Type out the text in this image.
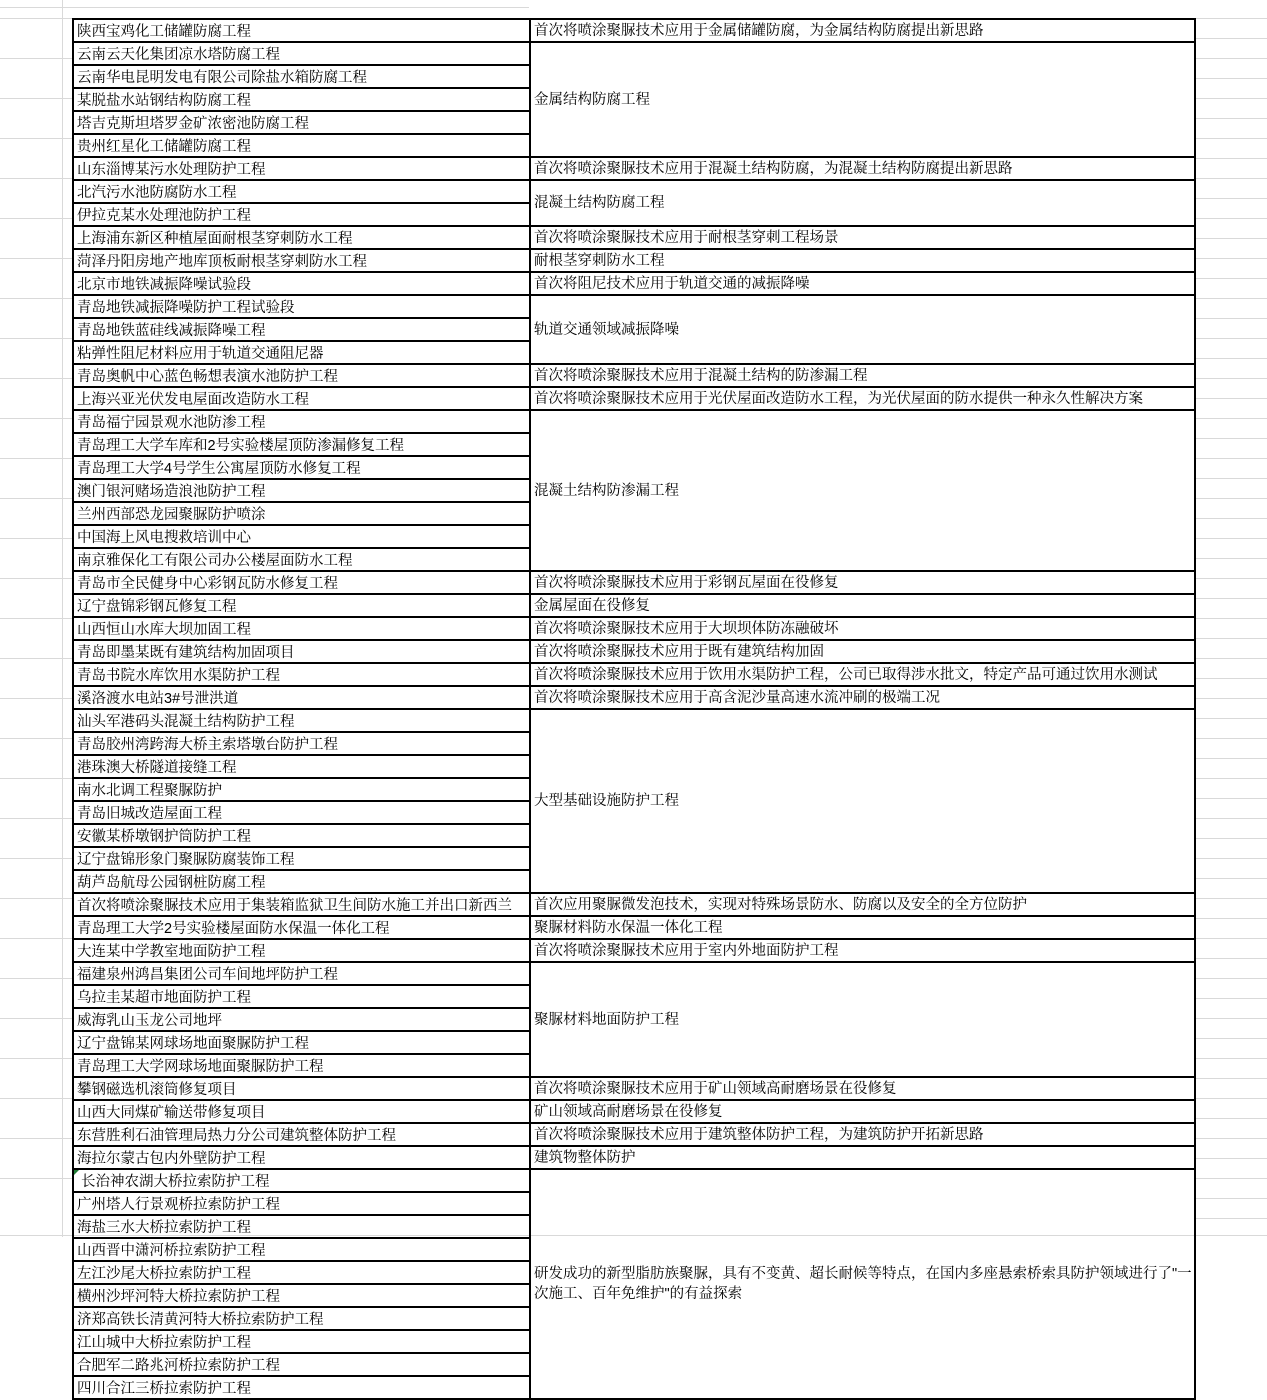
陕西宝鸡化工储罐防腐工程	首次将喷涂聚脲技术应用于金属储罐防腐，为金属结构防腐提出新思路
云南云天化集团凉水塔防腐工程	金属结构防腐工程
云南华电昆明发电有限公司除盐水箱防腐工程	
某脱盐水站钢结构防腐工程	
塔吉克斯坦塔罗金矿浓密池防腐工程	
贵州红星化工储罐防腐工程	
山东淄博某污水处理防护工程	首次将喷涂聚脲技术应用于混凝土结构防腐，为混凝土结构防腐提出新思路
北汽污水池防腐防水工程	混凝土结构防腐工程
伊拉克某水处理池防护工程	
上海浦东新区种植屋面耐根茎穿刺防水工程	首次将喷涂聚脲技术应用于耐根茎穿刺工程场景
菏泽丹阳房地产地库顶板耐根茎穿刺防水工程	耐根茎穿刺防水工程
北京市地铁减振降噪试验段	首次将阻尼技术应用于轨道交通的减振降噪
青岛地铁减振降噪防护工程试验段	轨道交通领域减振降噪
青岛地铁蓝硅线减振降噪工程	
粘弹性阻尼材料应用于轨道交通阻尼器	
青岛奥帆中心蓝色畅想表演水池防护工程	首次将喷涂聚脲技术应用于混凝土结构的防渗漏工程
上海兴亚光伏发电屋面改造防水工程	首次将喷涂聚脲技术应用于光伏屋面改造防水工程，为光伏屋面的防水提供一种永久性解决方案
青岛福宁园景观水池防渗工程	混凝土结构防渗漏工程
青岛理工大学车库和2号实验楼屋顶防渗漏修复工程	
青岛理工大学4号学生公寓屋顶防水修复工程	
澳门银河赌场造浪池防护工程	
兰州西部恐龙园聚脲防护喷涂	
中国海上风电搜救培训中心	
南京雅保化工有限公司办公楼屋面防水工程	
青岛市全民健身中心彩钢瓦防水修复工程	首次将喷涂聚脲技术应用于彩钢瓦屋面在役修复
辽宁盘锦彩钢瓦修复工程	金属屋面在役修复
山西恒山水库大坝加固工程	首次将喷涂聚脲技术应用于大坝坝体防冻融破坏
青岛即墨某既有建筑结构加固项目	首次将喷涂聚脲技术应用于既有建筑结构加固
青岛书院水库饮用水渠防护工程	首次将喷涂聚脲技术应用于饮用水渠防护工程，公司已取得涉水批文，特定产品可通过饮用水测试
溪洛渡水电站3#号泄洪道	首次将喷涂聚脲技术应用于高含泥沙量高速水流冲刷的极端工况
汕头军港码头混凝土结构防护工程	大型基础设施防护工程
青岛胶州湾跨海大桥主索塔墩台防护工程	
港珠澳大桥隧道接缝工程	
南水北调工程聚脲防护	
青岛旧城改造屋面工程	
安徽某桥墩钢护筒防护工程	
辽宁盘锦形象门聚脲防腐装饰工程	
葫芦岛航母公园钢桩防腐工程	
首次将喷涂聚脲技术应用于集装箱监狱卫生间防水施工并出口新西兰	首次应用聚脲微发泡技术，实现对特殊场景防水、防腐以及安全的全方位防护
青岛理工大学2号实验楼屋面防水保温一体化工程	聚脲材料防水保温一体化工程
大连某中学教室地面防护工程	首次将喷涂聚脲技术应用于室内外地面防护工程
福建泉州鸿昌集团公司车间地坪防护工程	聚脲材料地面防护工程
乌拉圭某超市地面防护工程	
威海乳山玉龙公司地坪	
辽宁盘锦某网球场地面聚脲防护工程	
青岛理工大学网球场地面聚脲防护工程	
攀钢磁选机滚筒修复项目	首次将喷涂聚脲技术应用于矿山领域高耐磨场景在役修复
山西大同煤矿输送带修复项目	矿山领域高耐磨场景在役修复
东营胜利石油管理局热力分公司建筑整体防护工程	首次将喷涂聚脲技术应用于建筑整体防护工程，为建筑防护开拓新思路
海拉尔蒙古包内外壁防护工程	建筑物整体防护
长治神农湖大桥拉索防护工程	研发成功的新型脂肪族聚脲，具有不变黄、超长耐候等特点，在国内多座悬索桥索具防护领域进行了"一次施工、百年免维护"的有益探索
广州塔人行景观桥拉索防护工程	
海盐三水大桥拉索防护工程	
山西晋中潇河桥拉索防护工程	
左江沙尾大桥拉索防护工程	
横州沙坪河特大桥拉索防护工程	
济郑高铁长清黄河特大桥拉索防护工程	
江山城中大桥拉索防护工程	
合肥军二路兆河桥拉索防护工程	
四川合江三桥拉索防护工程	
